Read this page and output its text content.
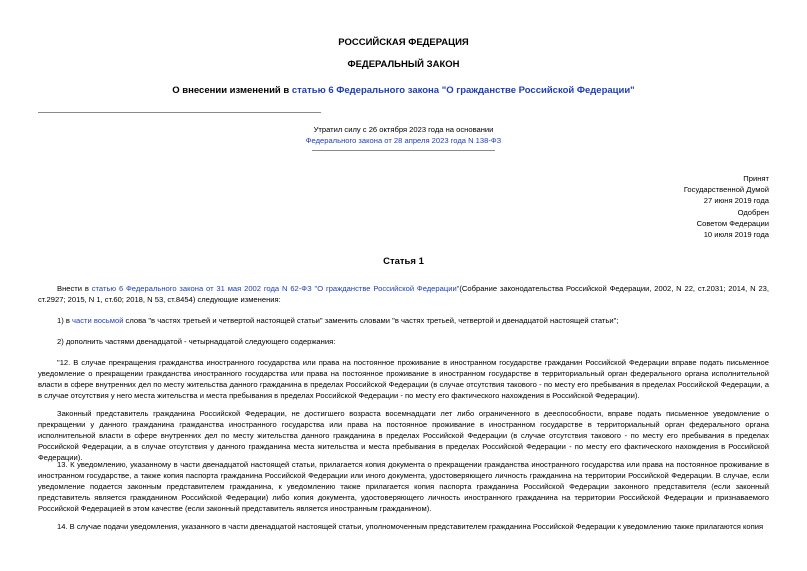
РОССИЙСКАЯ ФЕДЕРАЦИЯ
ФЕДЕРАЛЬНЫЙ ЗАКОН
О внесении изменений в статью 6 Федерального закона "О гражданстве Российской Федерации"
Утратил силу с 26 октября 2023 года на основании
Федерального закона от 28 апреля 2023 года N 138-ФЗ
Принят
Государственной Думой
27 июня 2019 года
Одобрен
Советом Федерации
10 июля 2019 года
Статья 1
Внести в статью 6 Федерального закона от 31 мая 2002 года N 62-ФЗ "О гражданстве Российской Федерации"(Собрание законодательства Российской Федерации, 2002, N 22, ст.2031; 2014, N 23, ст.2927; 2015, N 1, ст.60; 2018, N 53, ст.8454) следующие изменения:
1) в части восьмой слова "в частях третьей и четвертой настоящей статьи" заменить словами "в частях третьей, четвертой и двенадцатой настоящей статьи";
2) дополнить частями двенадцатой - четырнадцатой следующего содержания:
"12. В случае прекращения гражданства иностранного государства или права на постоянное проживание в иностранном государстве гражданин Российской Федерации вправе подать письменное уведомление о прекращении гражданства иностранного государства или права на постоянное проживание в иностранном государстве в территориальный орган федерального органа исполнительной власти в сфере внутренних дел по месту жительства данного гражданина в пределах Российской Федерации (в случае отсутствия такового - по месту его пребывания в пределах Российской Федерации, а в случае отсутствия у него места жительства и места пребывания в пределах Российской Федерации - по месту его фактического нахождения в Российской Федерации).
Законный представитель гражданина Российской Федерации, не достигшего возраста восемнадцати лет либо ограниченного в дееспособности, вправе подать письменное уведомление о прекращении у данного гражданина гражданства иностранного государства или права на постоянное проживание в иностранном государстве в территориальный орган федерального органа исполнительной власти в сфере внутренних дел по месту жительства данного гражданина в пределах Российской Федерации (в случае отсутствия такового - по месту его пребывания в пределах Российской Федерации, а в случае отсутствия у данного гражданина места жительства и места пребывания в пределах Российской Федерации - по месту его фактического нахождения в Российской Федерации).
13. К уведомлению, указанному в части двенадцатой настоящей статьи, прилагается копия документа о прекращении гражданства иностранного государства или права на постоянное проживание в иностранном государстве, а также копия паспорта гражданина Российской Федерации или иного документа, удостоверяющего личность гражданина на территории Российской Федерации. В случае, если уведомление подается законным представителем гражданина, к уведомлению также прилагается копия паспорта гражданина Российской Федерации законного представителя (если законный представитель является гражданином Российской Федерации) либо копия документа, удостоверяющего личность иностранного гражданина на территории Российской Федерации и признаваемого Российской Федерацией в этом качестве (если законный представитель является иностранным гражданином).
14. В случае подачи уведомления, указанного в части двенадцатой настоящей статьи, уполномоченным представителем гражданина Российской Федерации к уведомлению также прилагаются копия
